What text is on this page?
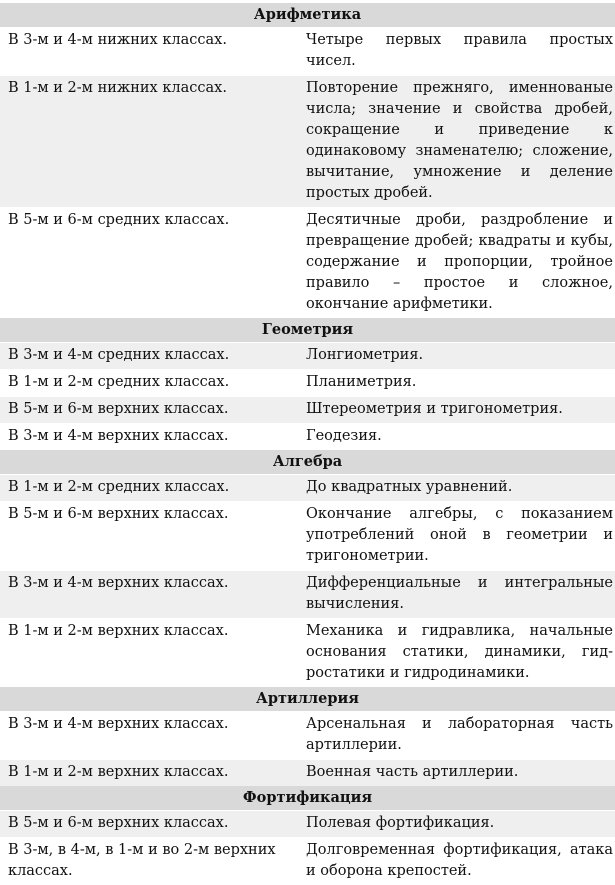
Арифметика	
В 3-м и 4-м нижних классах.	Четыре первых правила простых чисел.
В 1-м и 2-м нижних классах.	Повторение прежняго, именнованые числа; значение и свойства дробей, сокращение и приведение к одинаковому знаменателю; сложение, вычитание, умножение и деление простых дробей.
В 5-м и 6-м средних классах.	Десятичные дроби, раздробление и превращение дробей; квадраты и кубы, содержание и пропорции, тройное правило – простое и сложное, окончание арифметики.
Геометрия	
В 3-м и 4-м средних классах.	Лонгиометрия.
В 1-м и 2-м средних классах.	Планиметрия.
В 5-м и 6-м верхних классах.	Штереометрия и тригонометрия.
В 3-м и 4-м верхних классах.	Геодезия.
Алгебра	
В 1-м и 2-м средних классах.	До квадратных уравнений.
В 5-м и 6-м верхних классах.	Окончание алгебры, с показанием употреблений оной в геометрии и тригонометрии.
В 3-м и 4-м верхних классах.	Дифференциальные и интегральные вычисления.
В 1-м и 2-м верхних классах.	Механика и гидравлика, начальные основания статики, динамики, гидростатики и гидродинамики.
Артиллерия	
В 3-м и 4-м верхних классах.	Арсенальная и лабораторная часть артиллерии.
В 1-м и 2-м верхних классах.	Военная часть артиллерии.
Фортификация	
В 5-м и 6-м верхних классах.	Полевая фортификация.
В 3-м, в 4-м, в 1-м и во 2-м верхних классах.	Долговременная фортификация, атака и оборона крепостей.
